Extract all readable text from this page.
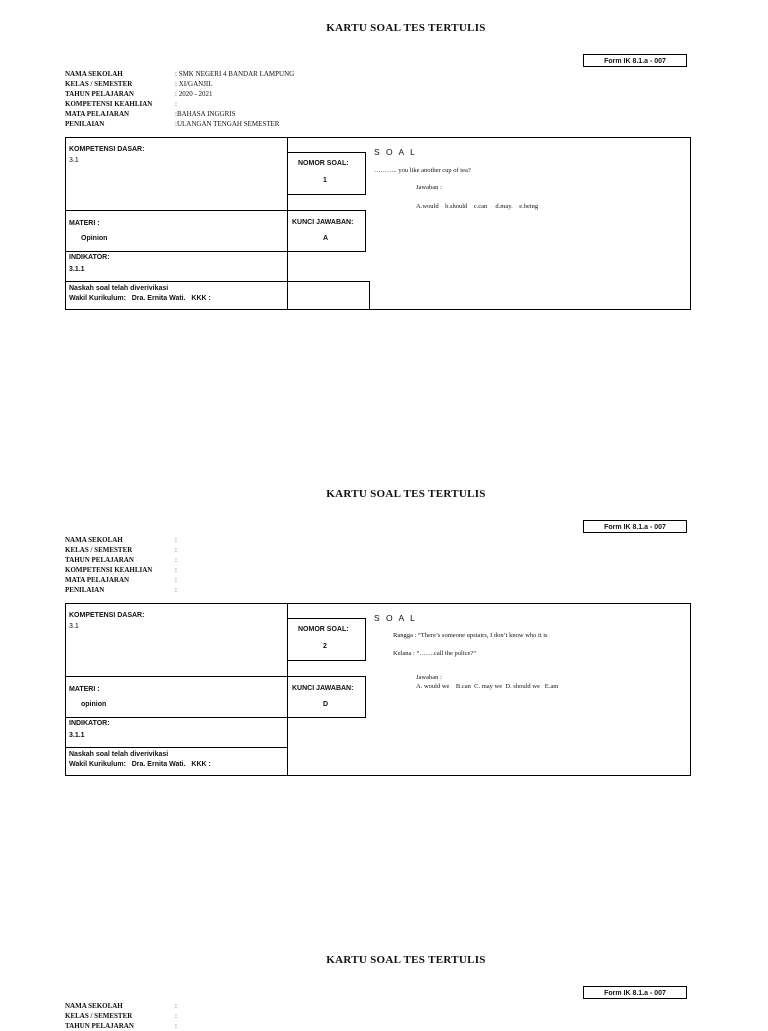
KARTU SOAL TES TERTULIS
Form IK 8.1.a - 007
NAMA SEKOLAH	: SMK NEGERI 4 BANDAR LAMPUNG
KELAS / SEMESTER	: XI/GANJIL
TAHUN PELAJARAN	: 2020 - 2021
KOMPETENSI KEAHLIAN	:
MATA PELAJARAN	:BAHASA INGGRIS
PENILAIAN	:ULANGAN TENGAH SEMESTER
KOMPETENSI DASAR:
3.1	NOMOR SOAL:
1
MATERI :
Opinion
KUNCI JAWABAN:
A
INDIKATOR:
3.1.1
Naskah soal telah diverivikasi
Wakil Kurikulum:   Dra. Ernita Wati.   KKK :
S O A L
……….. you like another cup of tea?
Jawaban :
A.would    b.should    c.can     d.may.    e.being
KARTU SOAL TES TERTULIS
Form IK 8.1.a - 007
NAMA SEKOLAH	:
KELAS / SEMESTER	:
TAHUN PELAJARAN	:
KOMPETENSI KEAHLIAN	:
MATA PELAJARAN	:
PENILAIAN	:
KOMPETENSI DASAR:
3.1	NOMOR SOAL:
2
MATERI :
opinion
KUNCI JAWABAN:
D
INDIKATOR:
3.1.1
Naskah soal telah diverivikasi
Wakil Kurikulum:   Dra. Ernita Wati.   KKK :
S O A L
Rangga : “There’s someone upstairs, I don’t know who it is
Kelana : “…….call the police?”
Jawaban :
A. would we    B.can  C. may we  D. should we   E.am
KARTU SOAL TES TERTULIS
Form IK 8.1.a - 007
NAMA SEKOLAH	:
KELAS / SEMESTER	:
TAHUN PELAJARAN	:
